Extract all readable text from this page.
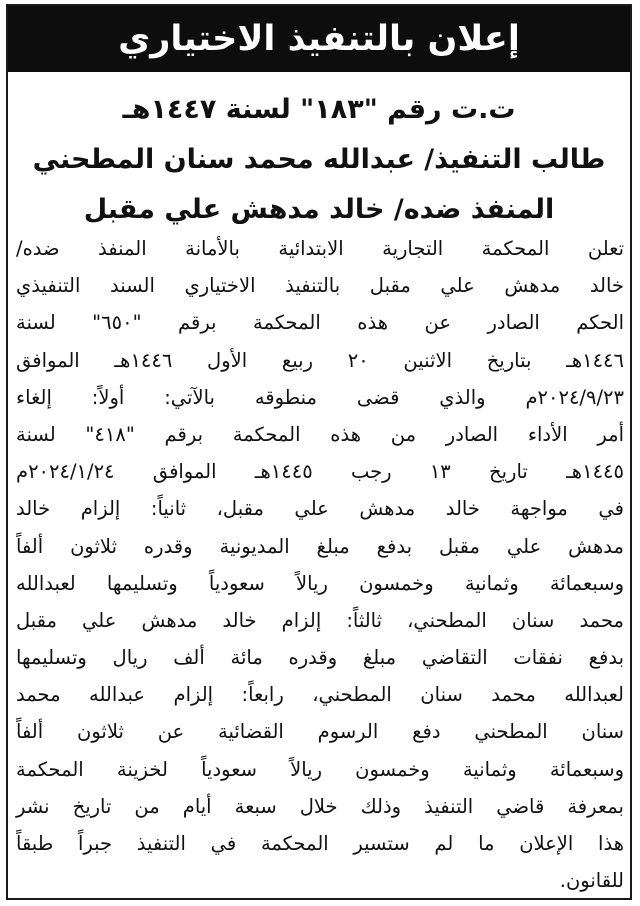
إعلان بالتنفيذ الاختياري
ت.ت رقم "١٨٣" لسنة ١٤٤٧هـ
طالب التنفيذ/ عبدالله محمد سنان المطحني
المنفذ ضده/ خالد مدهش علي مقبل
تعلن المحكمة التجارية الابتدائية بالأمانة المنفذ ضده/
خالد مدهش علي مقبل بالتنفيذ الاختياري السند التنفيذي
الحكم الصادر عن هذه المحكمة برقم "٦٥٠" لسنة
١٤٤٦هـ بتاريخ الاثنين ٢٠ ربيع الأول ١٤٤٦هـ الموافق
٢٠٢٤/٩/٢٣م والذي قضى منطوقه بالآتي: أولاً: إلغاء
أمر الأداء الصادر من هذه المحكمة برقم "٤١٨" لسنة
١٤٤٥هـ تاريخ ١٣ رجب ١٤٤٥هـ الموافق ٢٠٢٤/١/٢٤م
في مواجهة خالد مدهش علي مقبل، ثانياً: إلزام خالد
مدهش علي مقبل بدفع مبلغ المديونية وقدره ثلاثون ألفاً
وسبعمائة وثمانية وخمسون ريالاً سعودياً وتسليمها لعبدالله
محمد سنان المطحني، ثالثاً: إلزام خالد مدهش علي مقبل
بدفع نفقات التقاضي مبلغ وقدره مائة ألف ريال وتسليمها
لعبدالله محمد سنان المطحني، رابعاً: إلزام عبدالله محمد
سنان المطحني دفع الرسوم القضائية عن ثلاثون ألفاً
وسبعمائة وثمانية وخمسون ريالاً سعودياً لخزينة المحكمة
بمعرفة قاضي التنفيذ وذلك خلال سبعة أيام من تاريخ نشر
هذا الإعلان ما لم ستسير المحكمة في التنفيذ جبراً طبقاً
للقانون.
